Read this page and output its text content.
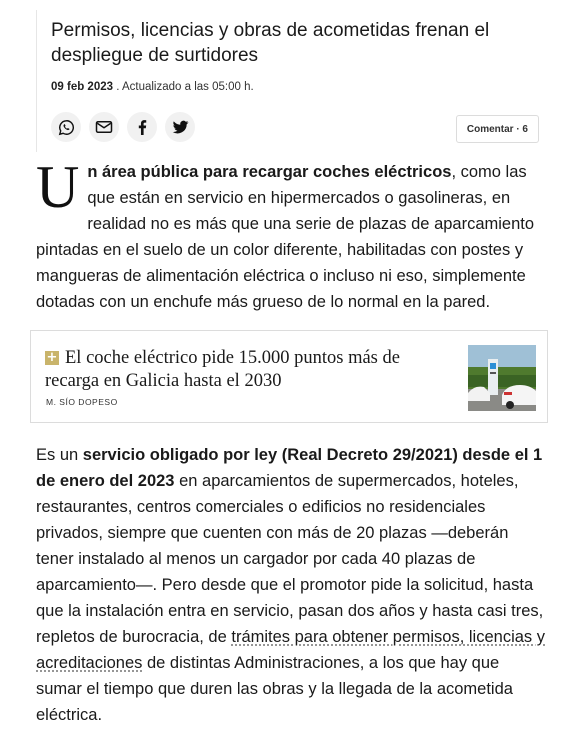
Permisos, licencias y obras de acometidas frenan el despliegue de surtidores
09 feb 2023 . Actualizado a las 05:00 h.
Comentar · 6

Un área pública para recargar coches eléctricos, como las que están en servicio en hipermercados o gasolineras, en realidad no es más que una serie de plazas de aparcamiento pintadas en el suelo de un color diferente, habilitadas con postes y mangueras de alimentación eléctrica o incluso ni eso, simplemente dotadas con un enchufe más grueso de lo normal en la pared.

+ El coche eléctrico pide 15.000 puntos más de recarga en Galicia hasta el 2030
M. SÍO DOPESO

Es un servicio obligado por ley (Real Decreto 29/2021) desde el 1 de enero del 2023 en aparcamientos de supermercados, hoteles, restaurantes, centros comerciales o edificios no residenciales privados, siempre que cuenten con más de 20 plazas —deberán tener instalado al menos un cargador por cada 40 plazas de aparcamiento—. Pero desde que el promotor pide la solicitud, hasta que la instalación entra en servicio, pasan dos años y hasta casi tres, repletos de burocracia, de trámites para obtener permisos, licencias y acreditaciones de distintas Administraciones, a los que hay que sumar el tiempo que duren las obras y la llegada de la acometida eléctrica.
